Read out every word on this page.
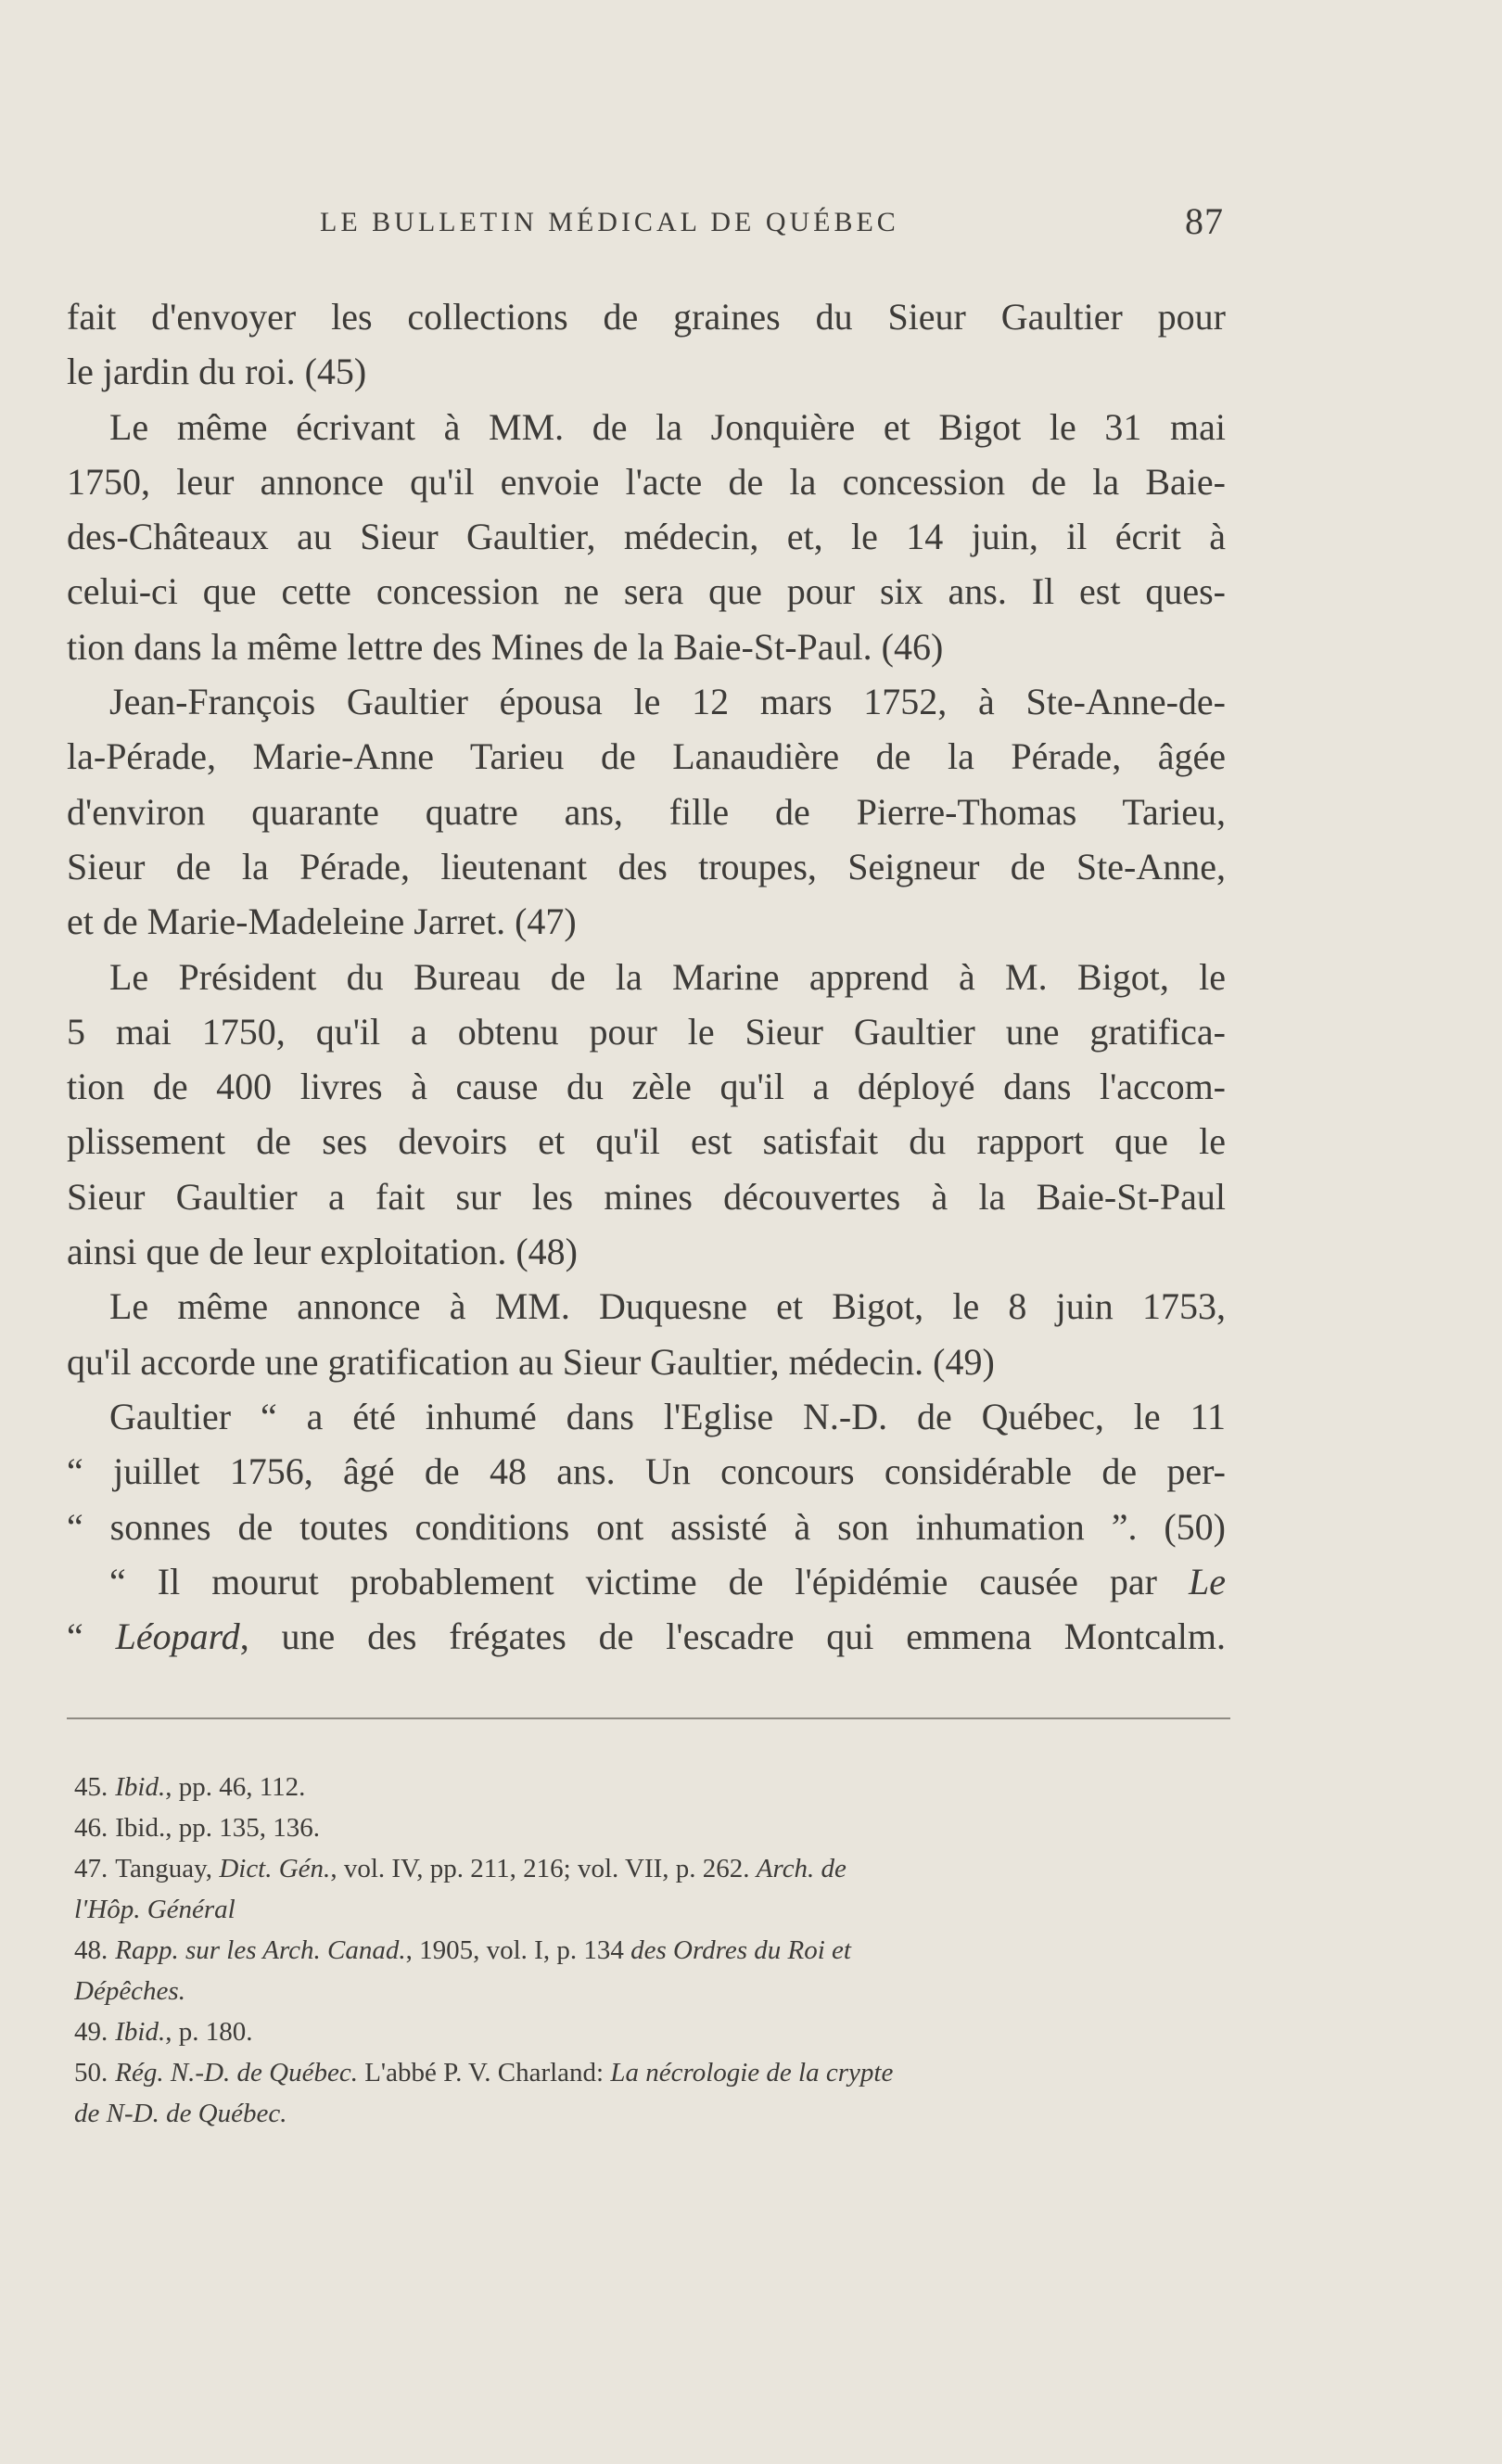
LE BULLETIN MÉDICAL DE QUÉBEC	87
fait d'envoyer les collections de graines du Sieur Gaultier pour
le jardin du roi. (45)
Le même écrivant à MM. de la Jonquière et Bigot le 31 mai
1750, leur annonce qu'il envoie l'acte de la concession de la Baie-
des-Châteaux au Sieur Gaultier, médecin, et, le 14 juin, il écrit à
celui-ci que cette concession ne sera que pour six ans. Il est ques-
tion dans la même lettre des Mines de la Baie-St-Paul. (46)
Jean-François Gaultier épousa le 12 mars 1752, à Ste-Anne-de-
la-Pérade, Marie-Anne Tarieu de Lanaudière de la Pérade, âgée
d'environ quarante quatre ans, fille de Pierre-Thomas Tarieu,
Sieur de la Pérade, lieutenant des troupes, Seigneur de Ste-Anne,
et de Marie-Madeleine Jarret. (47)
Le Président du Bureau de la Marine apprend à M. Bigot, le
5 mai 1750, qu'il a obtenu pour le Sieur Gaultier une gratifica-
tion de 400 livres à cause du zèle qu'il a déployé dans l'accom-
plissement de ses devoirs et qu'il est satisfait du rapport que le
Sieur Gaultier a fait sur les mines découvertes à la Baie-St-Paul
ainsi que de leur exploitation. (48)
Le même annonce à MM. Duquesne et Bigot, le 8 juin 1753,
qu'il accorde une gratification au Sieur Gaultier, médecin. (49)
Gaultier “ a été inhumé dans l'Eglise N.-D. de Québec, le 11
“ juillet 1756, âgé de 48 ans. Un concours considérable de per-
“ sonnes de toutes conditions ont assisté à son inhumation ”. (50)
“ Il mourut probablement victime de l'épidémie causée par Le
“ Léopard, une des frégates de l'escadre qui emmena Montcalm.
45. Ibid., pp. 46, 112.
46. Ibid., pp. 135, 136.
47. Tanguay, Dict. Gén., vol. IV, pp. 211, 216; vol. VII, p. 262. Arch. de
l'Hôp. Général
48. Rapp. sur les Arch. Canad., 1905, vol. I, p. 134 des Ordres du Roi et
Dépêches.
49. Ibid., p. 180.
50. Rég. N.-D. de Québec. L'abbé P. V. Charland: La nécrologie de la crypte
de N-D. de Québec.
